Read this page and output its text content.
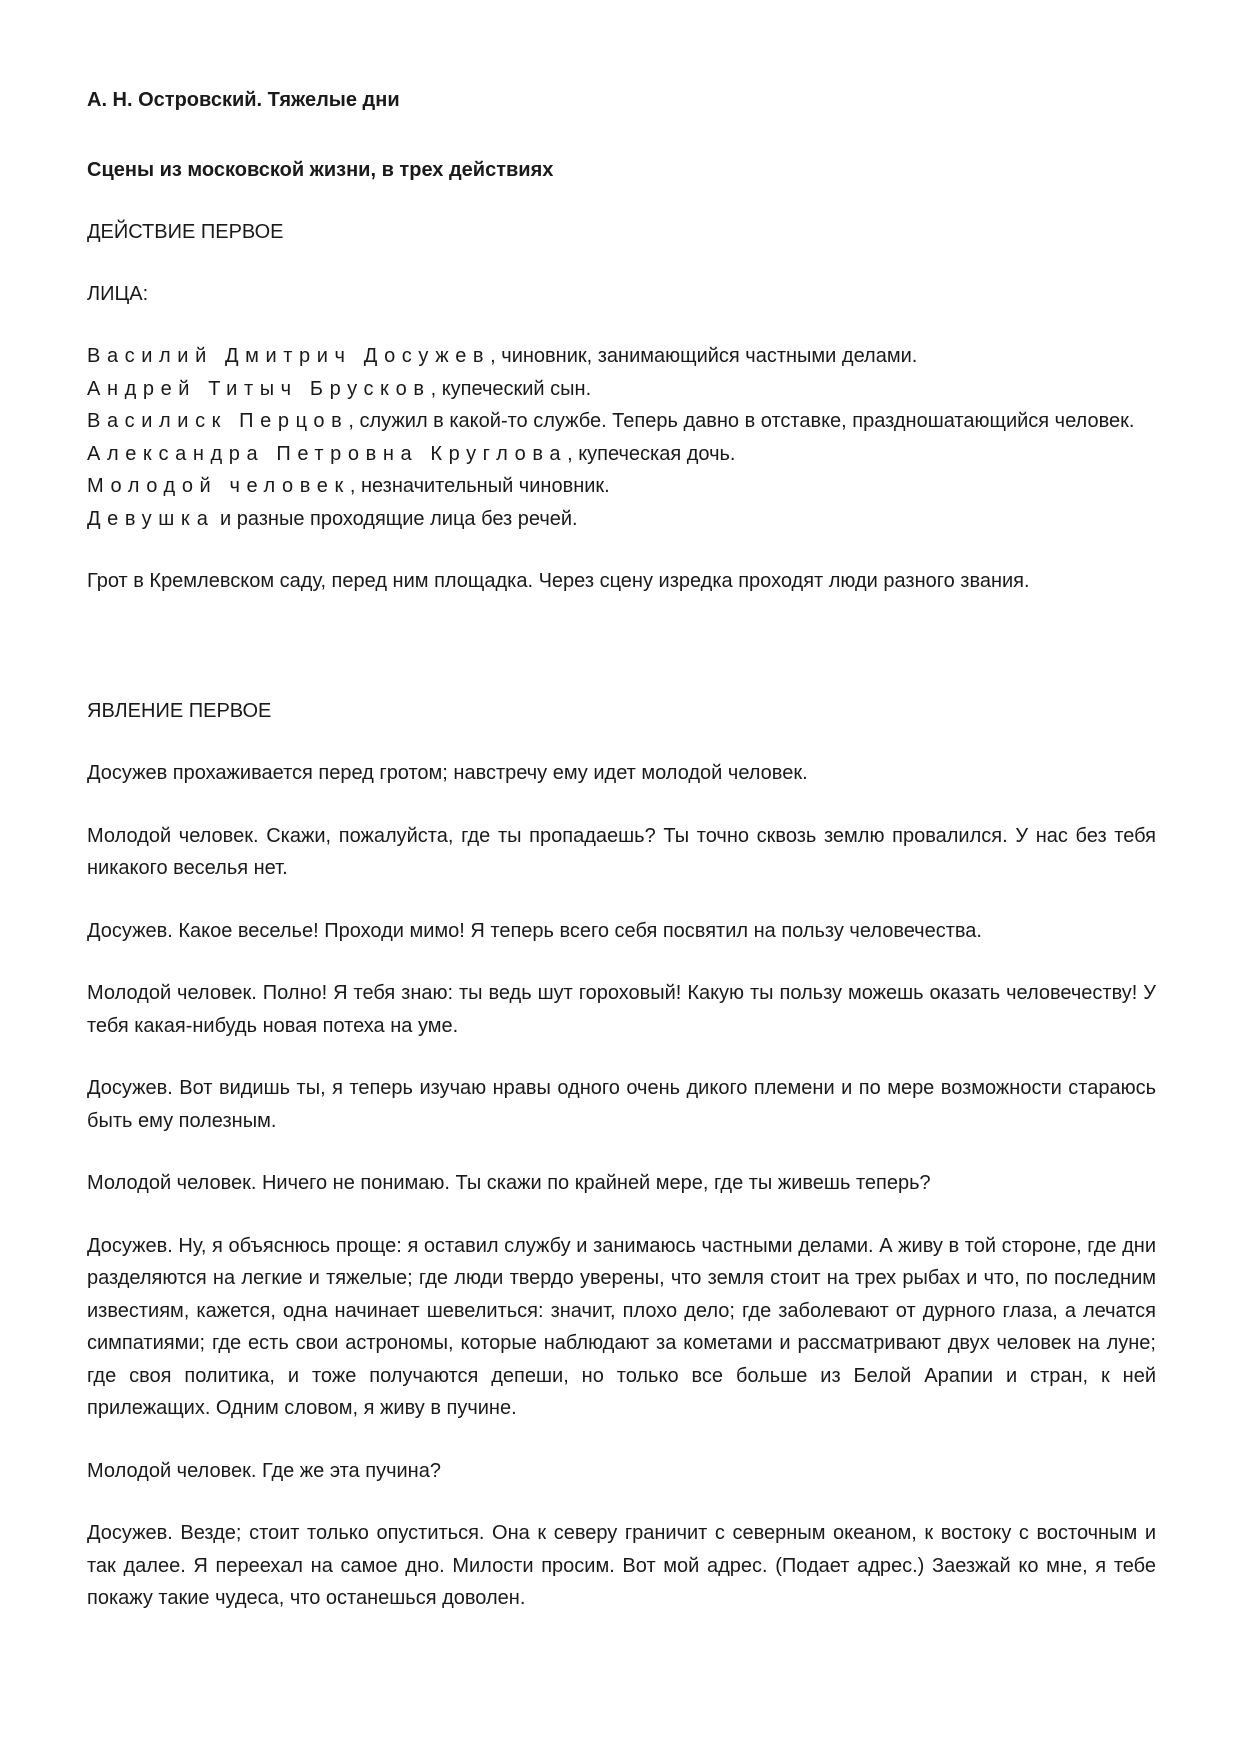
А. Н. Островский. Тяжелые дни
Сцены из московской жизни, в трех действиях
ДЕЙСТВИЕ ПЕРВОЕ
ЛИЦА:
Василий Дмитрич Досужев, чиновник, занимающийся частными делами.
Андрей Титыч Брусков, купеческий сын.
Василиск Перцов, служил в какой-то службе. Теперь давно в отставке, праздношатающийся человек.
Александра Петровна Круглова, купеческая дочь.
Молодой человек, незначительный чиновник.
Девушка и разные проходящие лица без речей.
Грот в Кремлевском саду, перед ним площадка. Через сцену изредка проходят люди разного звания.
ЯВЛЕНИЕ ПЕРВОЕ
Досужев прохаживается перед гротом; навстречу ему идет молодой человек.
Молодой человек. Скажи, пожалуйста, где ты пропадаешь? Ты точно сквозь землю провалился. У нас без тебя никакого веселья нет.
Досужев. Какое веселье! Проходи мимо! Я теперь всего себя посвятил на пользу человечества.
Молодой человек. Полно! Я тебя знаю: ты ведь шут гороховый! Какую ты пользу можешь оказать человечеству! У тебя какая-нибудь новая потеха на уме.
Досужев. Вот видишь ты, я теперь изучаю нравы одного очень дикого племени и по мере возможности стараюсь быть ему полезным.
Молодой человек. Ничего не понимаю. Ты скажи по крайней мере, где ты живешь теперь?
Досужев. Ну, я объяснюсь проще: я оставил службу и занимаюсь частными делами. А живу в той стороне, где дни разделяются на легкие и тяжелые; где люди твердо уверены, что земля стоит на трех рыбах и что, по последним известиям, кажется, одна начинает шевелиться: значит, плохо дело; где заболевают от дурного глаза, а лечатся симпатиями; где есть свои астрономы, которые наблюдают за кометами и рассматривают двух человек на луне; где своя политика, и тоже получаются депеши, но только все больше из Белой Арапии и стран, к ней прилежащих. Одним словом, я живу в пучине.
Молодой человек. Где же эта пучина?
Досужев. Везде; стоит только опуститься. Она к северу граничит с северным океаном, к востоку с восточным и так далее. Я переехал на самое дно. Милости просим. Вот мой адрес. (Подает адрес.) Заезжай ко мне, я тебе покажу такие чудеса, что останешься доволен.
